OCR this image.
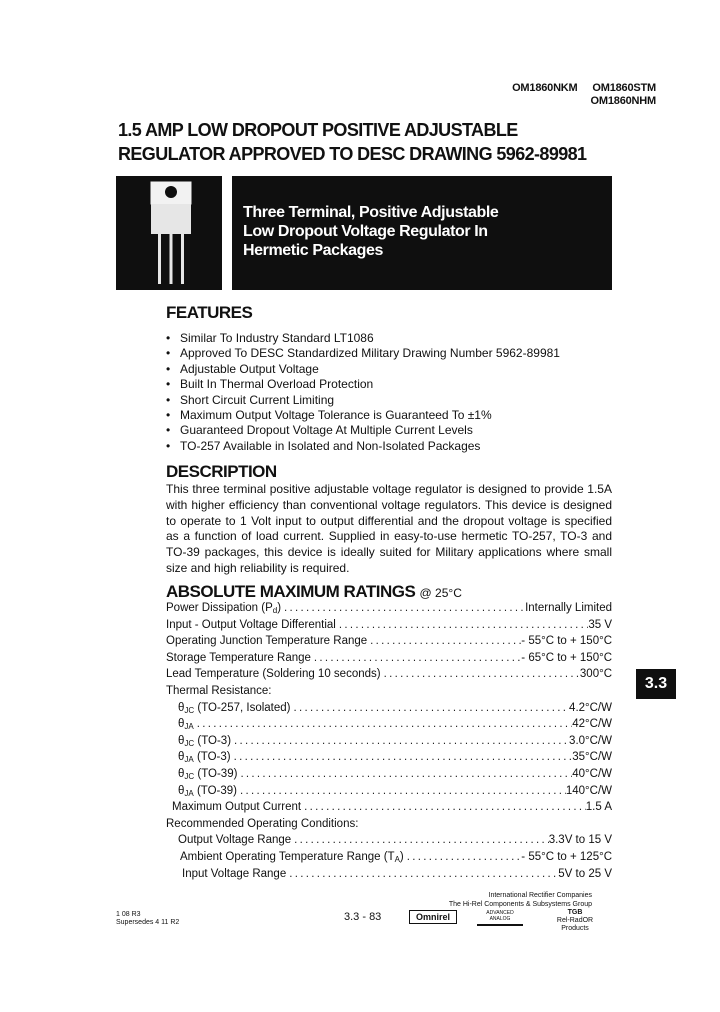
OM1860NKM OM1860STM
OM1860NHM
1.5 AMP LOW DROPOUT POSITIVE ADJUSTABLE
REGULATOR APPROVED TO DESC DRAWING 5962-89981
Three Terminal, Positive Adjustable
Low Dropout Voltage Regulator In
Hermetic Packages
FEATURES
• Similar To Industry Standard LT1086
• Approved To DESC Standardized Military Drawing Number 5962-89981
• Adjustable Output Voltage
• Built In Thermal Overload Protection
• Short Circuit Current Limiting
• Maximum Output Voltage Tolerance is Guaranteed To ±1%
• Guaranteed Dropout Voltage At Multiple Current Levels
• TO-257 Available in Isolated and Non-Isolated Packages
DESCRIPTION
This three terminal positive adjustable voltage regulator is designed to provide 1.5A with higher efficiency than conventional voltage regulators. This device is designed to operate to 1 Volt input to output differential and the dropout voltage is specified as a function of load current. Supplied in easy-to-use hermetic TO-257, TO-3 and TO-39 packages, this device is ideally suited for Military applications where small size and high reliability is required.
ABSOLUTE MAXIMUM RATINGS @ 25°C
Power Dissipation $(P_d)$ .....	Internally Limited
Input - Output Voltage Differential .....	35 V
Operating Junction Temperature Range .....	- 55°C to + 150°C
Storage Temperature Range .....	- 65°C to + 150°C
Lead Temperature (Soldering 10 seconds) .....	300°C
Thermal Resistance:
$\theta_{JC}$ (TO-257, Isolated) .....	4.2°C/W
$\theta_{JA}$ .....	42°C/W
$\theta_{JC}$ (TO-3) .....	3.0°C/W
$\theta_{JA}$ (TO-3) .....	35°C/W
$\theta_{JC}$ (TO-39) .....	40°C/W
$\theta_{JA}$ (TO-39) .....	140°C/W
Maximum Output Current .....	1.5 A
Recommended Operating Conditions:
Output Voltage Range .....	3.3V to 15 V
Ambient Operating Temperature Range $(T_A)$ .....	- 55°C to + 125°C
Input Voltage Range .....	5V to 25 V
3.3
1 08 R3
Supersedes 4 11 R2	3.3 - 83
International Rectifier Companies
The Hi-Rel Components & Subsystems Group
Omnirel	ADVANCED
ANALOG
TGB
Rel-RadOR Products
